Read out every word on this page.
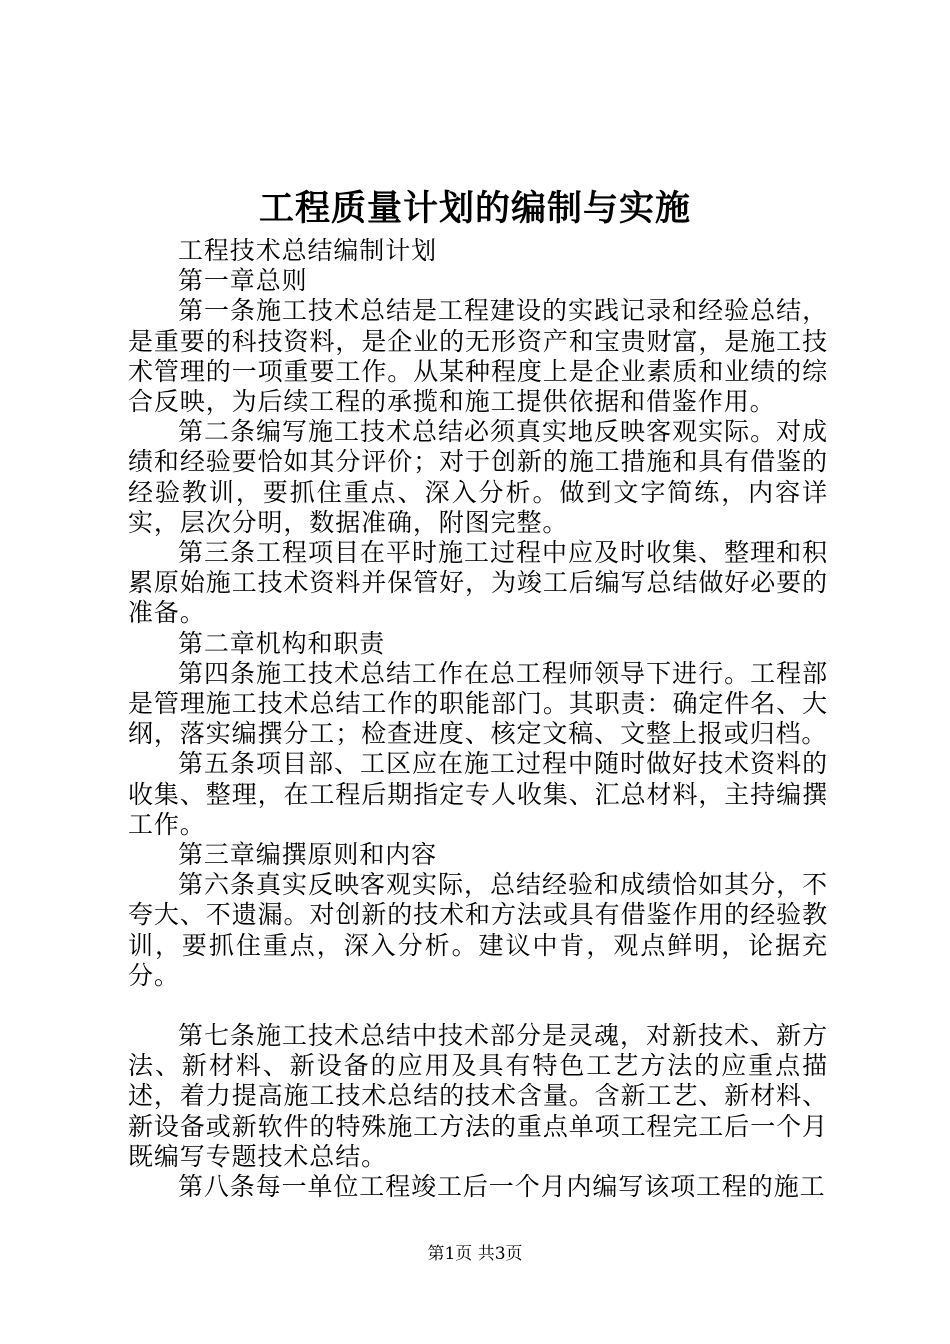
工程质量计划的编制与实施

工程技术总结编制计划

第一章总则

第一条施工技术总结是工程建设的实践记录和经验总结，是重要的科技资料，是企业的无形资产和宝贵财富，是施工技术管理的一项重要工作。从某种程度上是企业素质和业绩的综合反映，为后续工程的承揽和施工提供依据和借鉴作用。

第二条编写施工技术总结必须真实地反映客观实际。对成绩和经验要恰如其分评价；对于创新的施工措施和具有借鉴的经验教训，要抓住重点、深入分析。做到文字简练，内容详实，层次分明，数据准确，附图完整。

第三条工程项目在平时施工过程中应及时收集、整理和积累原始施工技术资料并保管好，为竣工后编写总结做好必要的准备。

第二章机构和职责

第四条施工技术总结工作在总工程师领导下进行。工程部是管理施工技术总结工作的职能部门。其职责：确定件名、大纲，落实编撰分工；检查进度、核定文稿、文整上报或归档。

第五条项目部、工区应在施工过程中随时做好技术资料的收集、整理，在工程后期指定专人收集、汇总材料，主持编撰工作。

第三章编撰原则和内容

第六条真实反映客观实际，总结经验和成绩恰如其分，不夸大、不遗漏。对创新的技术和方法或具有借鉴作用的经验教训，要抓住重点，深入分析。建议中肯，观点鲜明，论据充分。

第七条施工技术总结中技术部分是灵魂，对新技术、新方法、新材料、新设备的应用及具有特色工艺方法的应重点描述，着力提高施工技术总结的技术含量。含新工艺、新材料、新设备或新软件的特殊施工方法的重点单项工程完工后一个月既编写专题技术总结。

第八条每一单位工程竣工后一个月内编写该项工程的施工

第1页 共3页
